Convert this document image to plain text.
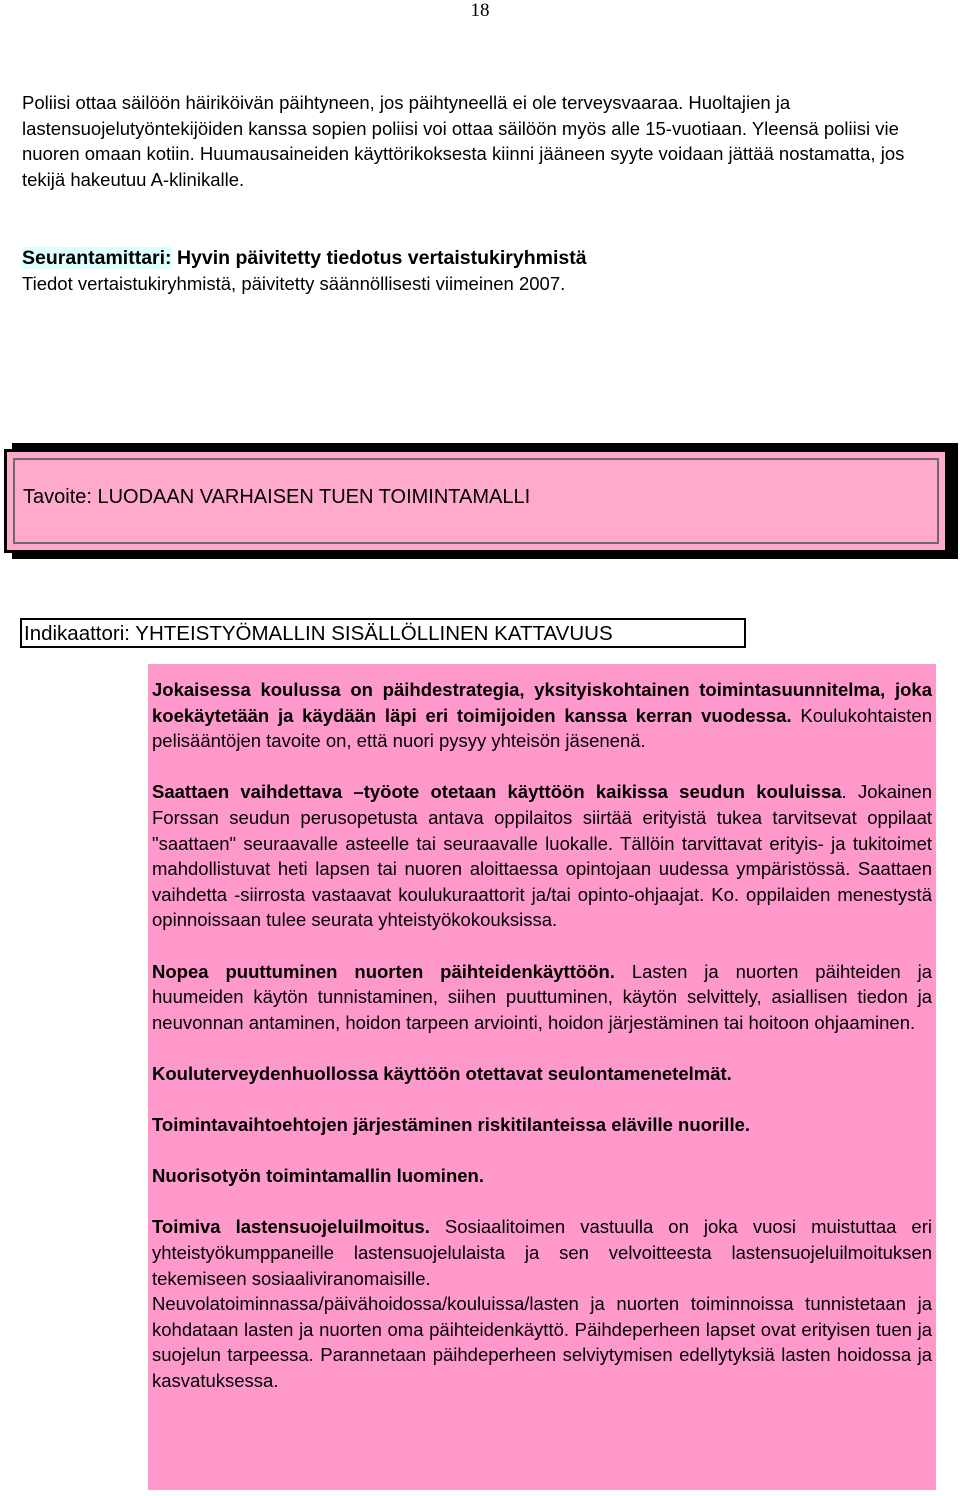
18

Poliisi ottaa säilöön häiriköivän päihtyneen, jos päihtyneellä ei ole terveysvaaraa. Huoltajien ja lastensuojelutyöntekijöiden kanssa sopien poliisi voi ottaa säilöön myös alle 15-vuotiaan. Yleensä poliisi vie nuoren omaan kotiin. Huumausaineiden käyttörikoksesta kiinni jääneen syyte voidaan jättää nostamatta, jos tekijä hakeutuu A-klinikalle.

Seurantamittari: Hyvin päivitetty tiedotus vertaistukiryhmistä
Tiedot vertaistukiryhmistä, päivitetty säännöllisesti viimeinen 2007.
Tavoite: LUODAAN VARHAISEN TUEN TOIMINTAMALLI
Indikaattori: YHTEISTYÖMALLIN SISÄLLÖLLINEN KATTAVUUS

Jokaisessa koulussa on päihdestrategia, yksityiskohtainen toimintasuunnitelma, joka koekäytetään ja käydään läpi eri toimijoiden kanssa kerran vuodessa. Koulukohtaisten pelisääntöjen tavoite on, että nuori pysyy yhteisön jäsenenä.

Saattaen vaihdettava –työote otetaan käyttöön kaikissa seudun kouluissa. Jokainen Forssan seudun perusopetusta antava oppilaitos siirtää erityistä tukea tarvitsevat oppilaat "saattaen" seuraavalle asteelle tai seuraavalle luokalle. Tällöin tarvittavat erityis- ja tukitoimet mahdollistuvat heti lapsen tai nuoren aloittaessa opintojaan uudessa ympäristössä. Saattaen vaihdetta -siirrosta vastaavat koulukuraattorit ja/tai opinto-ohjaajat. Ko. oppilaiden menestystä opinnoissaan tulee seurata yhteistyökokouksissa.

Nopea puuttuminen nuorten päihteidenkäyttöön. Lasten ja nuorten päihteiden ja huumeiden käytön tunnistaminen, siihen puuttuminen, käytön selvittely, asiallisen tiedon ja neuvonnan antaminen, hoidon tarpeen arviointi, hoidon järjestäminen tai hoitoon ohjaaminen.

Kouluterveydenhuollossa käyttöön otettavat seulontamenetelmät.

Toimintavaihtoehtojen järjestäminen riskitilanteissa eläville nuorille.

Nuorisotyön toimintamallin luominen.

Toimiva lastensuojeluilmoitus. Sosiaalitoimen vastuulla on joka vuosi muistuttaa eri yhteistyökumppaneille lastensuojelulaista ja sen velvoitteesta lastensuojeluilmoituksen tekemiseen sosiaaliviranomaisille.

Neuvolatoiminnassa/päivähoidossa/kouluissa/lasten ja nuorten toiminnoissa tunnistetaan ja kohdataan lasten ja nuorten oma päihteidenkäyttö. Päihdeperheen lapset ovat erityisen tuen ja suojelun tarpeessa. Parannetaan päihdeperheen selviytymisen edellytyksiä lasten hoidossa ja kasvatuksessa.
